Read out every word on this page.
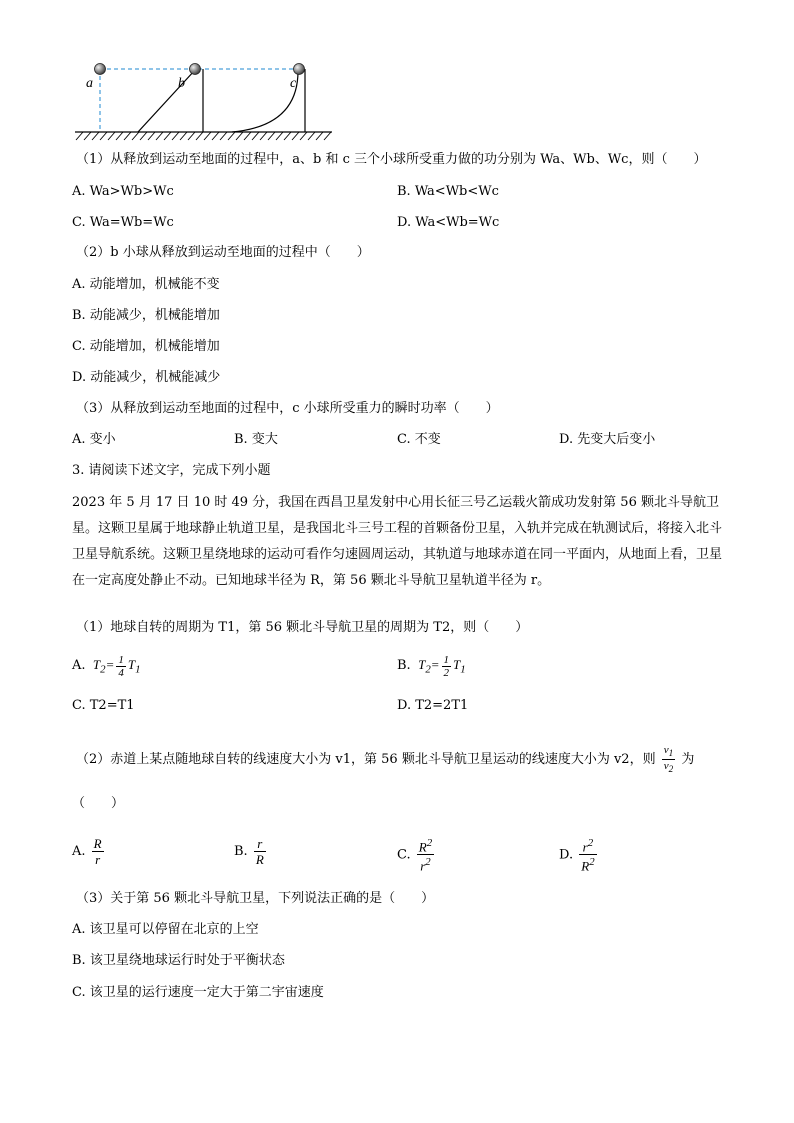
a	b	c
（1）从释放到运动至地面的过程中，a、b 和 c 三个小球所受重力做的功分别为 Wa、Wb、Wc，则（　　）
A. Wa>Wb>Wc	B. Wa<Wb<Wc
C. Wa=Wb=Wc	D. Wa<Wb=Wc
（2）b 小球从释放到运动至地面的过程中（　　）
A. 动能增加，机械能不变
B. 动能减少，机械能增加
C. 动能增加，机械能增加
D. 动能减少，机械能减少
（3）从释放到运动至地面的过程中，c 小球所受重力的瞬时功率（　　）
A. 变小	B. 变大	C. 不变	D. 先变大后变小
3. 请阅读下述文字，完成下列小题
2023 年 5 月 17 日 10 时 49 分，我国在西昌卫星发射中心用长征三号乙运载火箭成功发射第 56 颗北斗导航卫星。这颗卫星属于地球静止轨道卫星，是我国北斗三号工程的首颗备份卫星，入轨并完成在轨测试后，将接入北斗卫星导航系统。这颗卫星绕地球的运动可看作匀速圆周运动，其轨道与地球赤道在同一平面内，从地面上看，卫星在一定高度处静止不动。已知地球半径为 R，第 56 颗北斗导航卫星轨道半径为 r。
（1）地球自转的周期为 T1，第 56 颗北斗导航卫星的周期为 T2，则（　　）
A.  $T_2= \frac{1}{4} T_1$	B.  $T_2= \frac{1}{2} T_1$
C. T2=T1	D. T2=2T1
（2）赤道上某点随地球自转的线速度大小为 v1，第 56 颗北斗导航卫星运动的线速度大小为 v2，则 $\frac{v_1}{v_2}$ 为
（　　）
A. $\frac{R}{r}$	B. $\frac{r}{R}$	C. $\frac{R^2}{r^2}$	D. $\frac{r^2}{R^2}$
（3）关于第 56 颗北斗导航卫星，下列说法正确的是（　　）
A. 该卫星可以停留在北京的上空
B. 该卫星绕地球运行时处于平衡状态
C. 该卫星的运行速度一定大于第二宇宙速度
